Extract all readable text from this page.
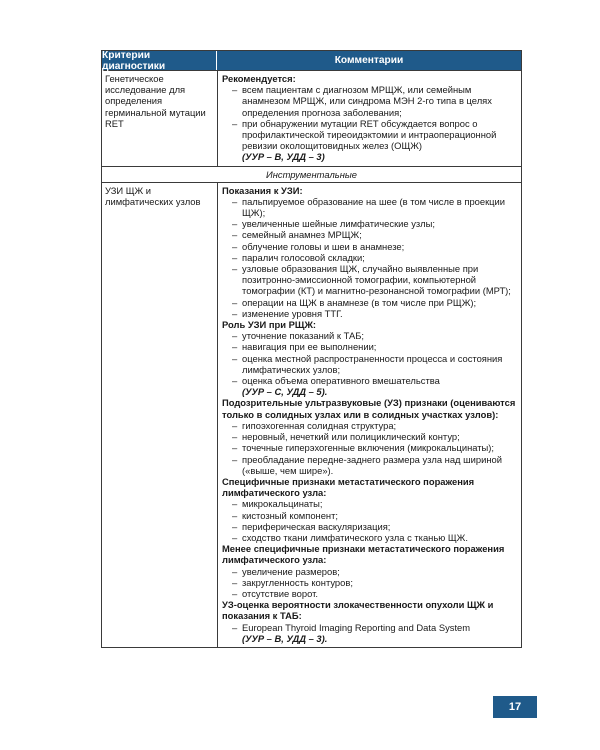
Критерии диагностики	Комментарии
Генетическое исследование для определения герминальной мутации RET
Рекомендуется:
– всем пациентам с диагнозом МРЩЖ, или семейным анамнезом МРЩЖ, или синдрома МЭН 2-го типа в целях определения прогноза заболевания;
– при обнаружении мутации RET обсуждается вопрос о профилактической тиреоидэктомии и интраоперационной ревизии околощитовидных желез (ОЩЖ)
(УУР – B, УДД – 3)
Инструментальные
УЗИ ЩЖ и лимфатических узлов
Показания к УЗИ:
– пальпируемое образование на шее (в том числе в проекции ЩЖ);
– увеличенные шейные лимфатические узлы;
– семейный анамнез МРЩЖ;
– облучение головы и шеи в анамнезе;
– паралич голосовой складки;
– узловые образования ЩЖ, случайно выявленные при позитронно-эмиссионной томографии, компьютерной томографии (КТ) и магнитно-резонансной томографии (МРТ);
– операции на ЩЖ в анамнезе (в том числе при РЩЖ);
– изменение уровня ТТГ.
Роль УЗИ при РЩЖ:
– уточнение показаний к ТАБ;
– навигация при ее выполнении;
– оценка местной распространенности процесса и состояния лимфатических узлов;
– оценка объема оперативного вмешательства
(УУР – C, УДД – 5).
Подозрительные ультразвуковые (УЗ) признаки (оцениваются только в солидных узлах или в солидных участках узлов):
– гипоэхогенная солидная структура;
– неровный, нечеткий или полициклический контур;
– точечные гиперэхогенные включения (микрокальцинаты);
– преобладание передне-заднего размера узла над шириной («выше, чем шире»).
Специфичные признаки метастатического поражения лимфатического узла:
– микрокальцинаты;
– кистозный компонент;
– периферическая васкуляризация;
– сходство ткани лимфатического узла с тканью ЩЖ.
Менее специфичные признаки метастатического поражения лимфатического узла:
– увеличение размеров;
– закругленность контуров;
– отсутствие ворот.
УЗ-оценка вероятности злокачественности опухоли ЩЖ и показания к ТАБ:
– European Thyroid Imaging Reporting and Data System
(УУР – B, УДД – 3).
17
